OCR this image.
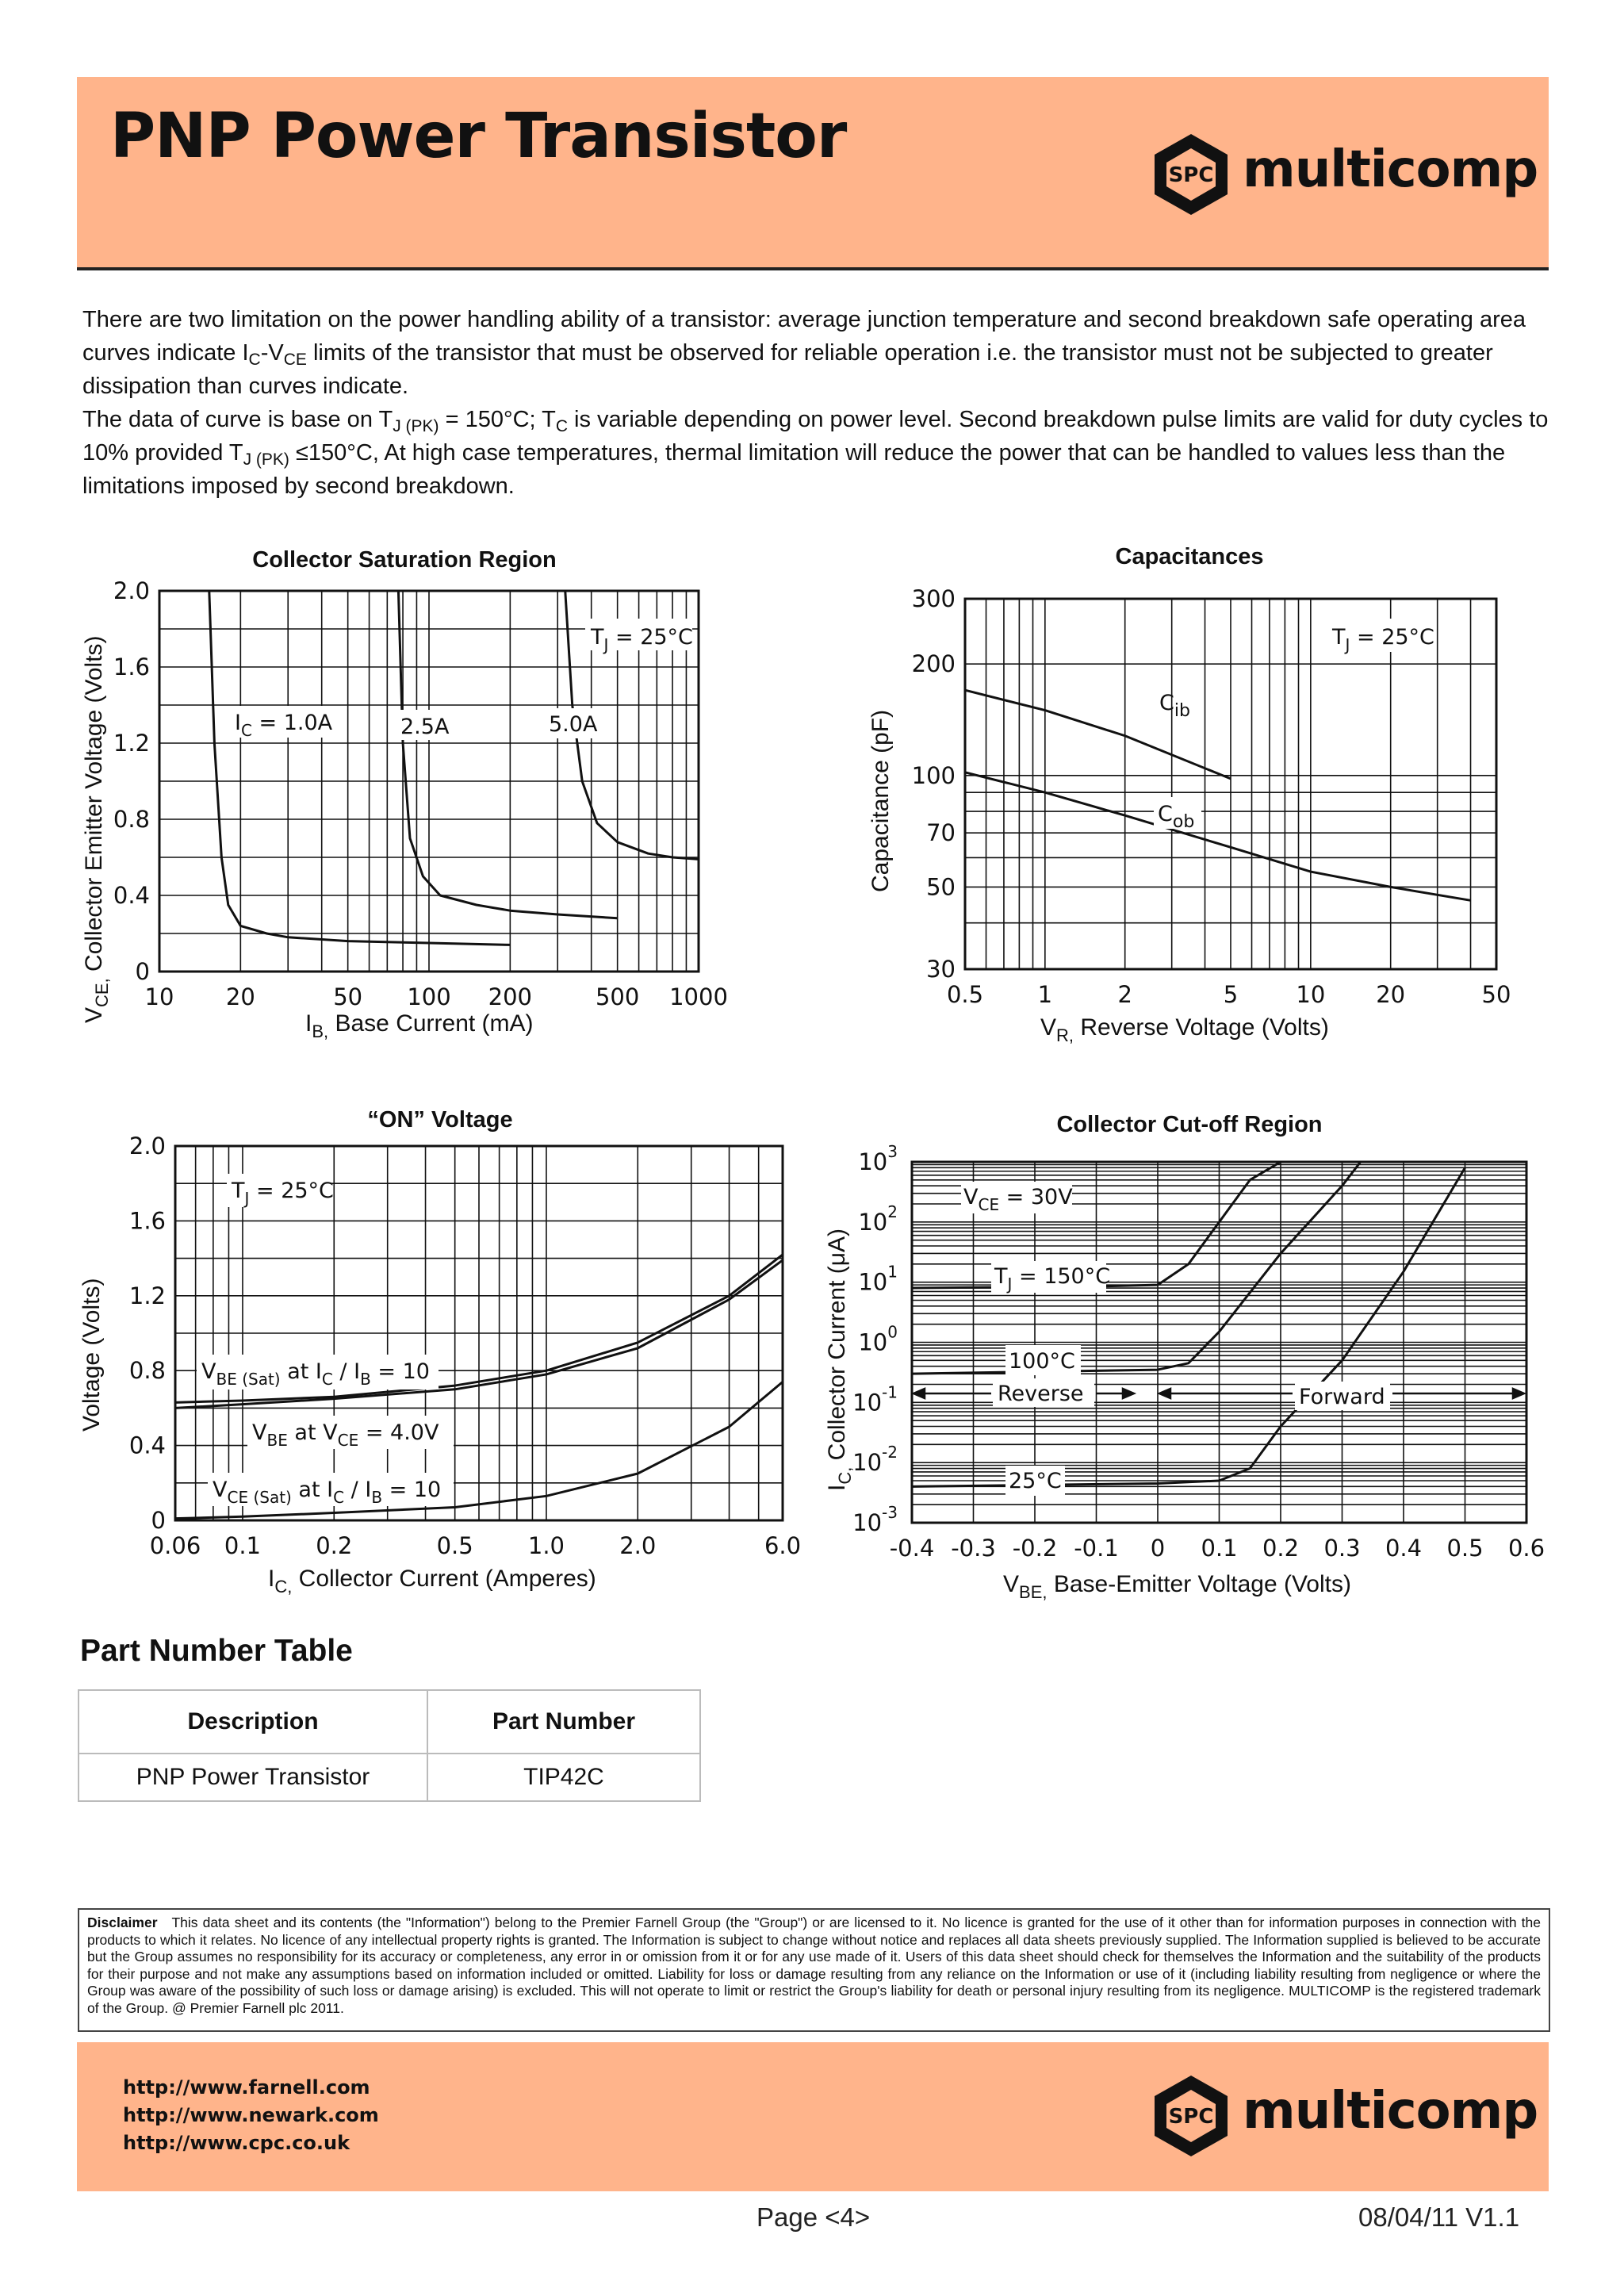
PNP Power Transistor
SPC multicomp

There are two limitation on the power handling ability of a transistor: average junction temperature and second breakdown safe operating area curves indicate $I_C-V_{CE}$ limits of the transistor that must be observed for reliable operation i.e. the transistor must not be subjected to greater dissipation than curves indicate.

The data of curve is base on $T_{J (PK)} = 150^\circ C$; $T_C$ is variable depending on power level. Second breakdown pulse limits are valid for duty cycles to 10% provided $T_{J (PK)} \le 150^\circ C$, At high case temperatures, thermal limitation will reduce the power that can be handled to values less than the limitations imposed by second breakdown.

Collector Saturation Region
2.0
1.6
1.2
0.8
0.4
0
10 20	50 100 200	500 1000
$T_J = 25^\circ C$
$I_C = 1.0A$	2.5A	5.0A
$V_{CE,}$ Collector Emitter Voltage (Volts)
$I_{B,}$ Base Current (mA)
300
200
100
70
50
30
0.5 1	2	5	10 20	50
$T_J = 25^\circ C$
$C_{ib}$
$C_{ob}$
Capacitance (pF)
$V_{R,}$ Reverse Voltage (Volts)
2.0
1.6
1.2
0.8
0.4
0
0.06 0.1 0.2	0.5 1.0 2.0	6.0
$T_J = 25^\circ C$
$V_{BE (Sat)}$ at $I_C / I_B = 10$
$V_{BE}$ at $V_{CE} = 4.0V$
$V_{CE (Sat)}$ at $I_C / I_B = 10$
Voltage (Volts)
$I_{C,}$ Collector Current (Amperes)
$10^3$
$10^2$
$10^1$
$10^0$
$10^{-1}$
$10^{-2}$
$10^{-3}$
-0.4 -0.3 -0.2 -0.1 0 0.1 0.2 0.3 0.4 0.5 0.6
$V_{CE} = 30V$
$T_J = 150^\circ C$
100°C
25°C
Reverse	Forward
$I_{C,}$ Collector Current (μA)
$V_{BE,}$ Base-Emitter Voltage (Volts)
Capacitances
“ON” Voltage	Collector Cut-off Region
Part Number Table
Description	Part Number
PNP Power Transistor	TIP42C
Disclaimer This data sheet and its contents (the "Information") belong to the Premier Farnell Group (the "Group") or are licensed to it. No licence is granted for the use of it other than for information purposes in connection with the products to which it relates. No licence of any intellectual property rights is granted. The Information is subject to change without notice and replaces all data sheets previously supplied. The Information supplied is believed to be accurate but the Group assumes no responsibility for its accuracy or completeness, any error in or omission from it or for any use made of it. Users of this data sheet should check for themselves the Information and the suitability of the products for their purpose and not make any assumptions based on information included or omitted. Liability for loss or damage resulting from any reliance on the Information or use of it (including liability resulting from negligence or where the Group was aware of the possibility of such loss or damage arising) is excluded. This will not operate to limit or restrict the Group's liability for death or personal injury resulting from its negligence. MULTICOMP is the registered trademark of the Group. @ Premier Farnell plc 2011.
http://www.farnell.com
http://www.newark.com
http://www.cpc.co.uk
SPC multicomp
Page <4>	08/04/11 V1.1
